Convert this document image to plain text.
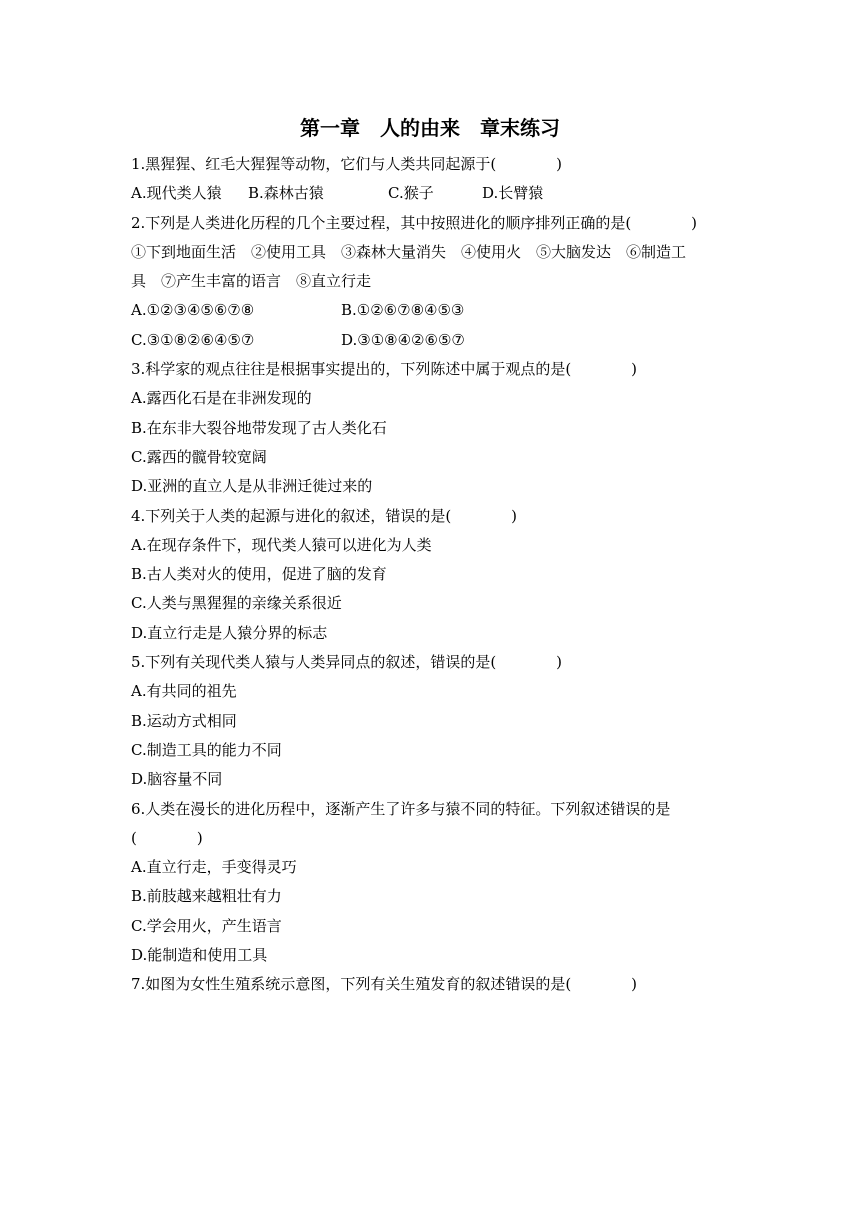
第一章　人的由来　章末练习
1.黑猩猩、红毛大猩猩等动物，它们与人类共同起源于(	)
A.现代类人猿 B.森林古猿	C.猴子	D.长臂猿
2.下列是人类进化历程的几个主要过程，其中按照进化的顺序排列正确的是(	)
①下到地面生活　②使用工具　③森林大量消失　④使用火　⑤大脑发达　⑥制造工
具　⑦产生丰富的语言　⑧直立行走
A.①②③④⑤⑥⑦⑧	B.①②⑥⑦⑧④⑤③
C.③①⑧②⑥④⑤⑦	D.③①⑧④②⑥⑤⑦
3.科学家的观点往往是根据事实提出的，下列陈述中属于观点的是(	)
A.露西化石是在非洲发现的
B.在东非大裂谷地带发现了古人类化石
C.露西的髋骨较宽阔
D.亚洲的直立人是从非洲迁徙过来的
4.下列关于人类的起源与进化的叙述，错误的是(	)
A.在现存条件下，现代类人猿可以进化为人类
B.古人类对火的使用，促进了脑的发育
C.人类与黑猩猩的亲缘关系很近
D.直立行走是人猿分界的标志
5.下列有关现代类人猿与人类异同点的叙述，错误的是(	)
A.有共同的祖先
B.运动方式相同
C.制造工具的能力不同
D.脑容量不同
6.人类在漫长的进化历程中，逐渐产生了许多与猿不同的特征。下列叙述错误的是
(	)
A.直立行走，手变得灵巧
B.前肢越来越粗壮有力
C.学会用火，产生语言
D.能制造和使用工具
7.如图为女性生殖系统示意图，下列有关生殖发育的叙述错误的是(	)
